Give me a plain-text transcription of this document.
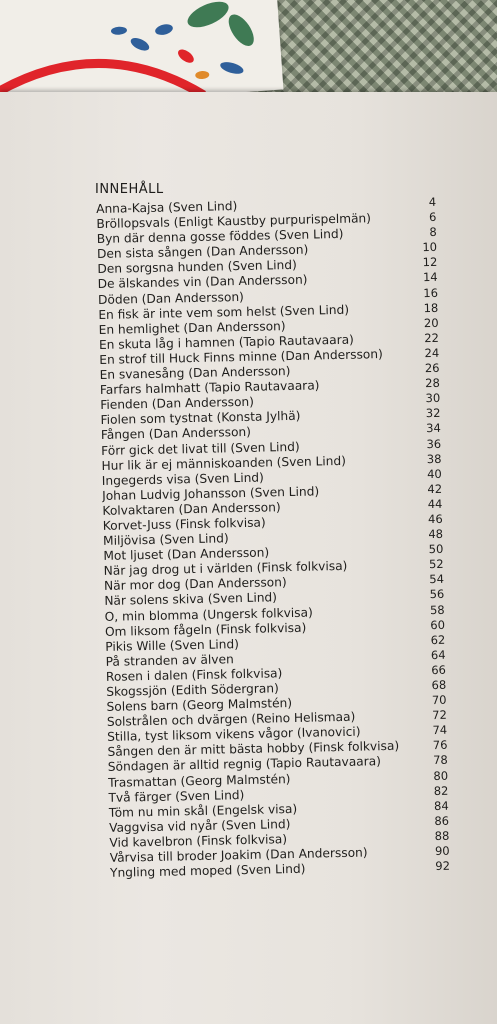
INNEHÅLL
Anna-Kajsa (Sven Lind)	4
Bröllopsvals (Enligt Kaustby purpurispelmän)	6
Byn där denna gosse föddes (Sven Lind)	8
Den sista sången (Dan Andersson)	10
Den sorgsna hunden (Sven Lind)	12
De älskandes vin (Dan Andersson)	14
Döden (Dan Andersson)	16
En fisk är inte vem som helst (Sven Lind)	18
En hemlighet (Dan Andersson)	20
En skuta låg i hamnen (Tapio Rautavaara)	22
En strof till Huck Finns minne (Dan Andersson)	24
En svanesång (Dan Andersson)	26
Farfars halmhatt (Tapio Rautavaara)	28
Fienden (Dan Andersson)	30
Fiolen som tystnat (Konsta Jylhä)	32
Fången (Dan Andersson)	34
Förr gick det livat till (Sven Lind)	36
Hur lik är ej människoanden (Sven Lind)	38
Ingegerds visa (Sven Lind)	40
Johan Ludvig Johansson (Sven Lind)	42
Kolvaktaren (Dan Andersson)	44
Korvet-Juss (Finsk folkvisa)	46
Miljövisa (Sven Lind)	48
Mot ljuset (Dan Andersson)	50
När jag drog ut i världen (Finsk folkvisa)	52
När mor dog (Dan Andersson)	54
När solens skiva (Sven Lind)	56
O, min blomma (Ungersk folkvisa)	58
Om liksom fågeln (Finsk folkvisa)	60
Pikis Wille (Sven Lind)	62
På stranden av älven	64
Rosen i dalen (Finsk folkvisa)	66
Skogssjön (Edith Södergran)	68
Solens barn (Georg Malmstén)	70
Solstrålen och dvärgen (Reino Helismaa)	72
Stilla, tyst liksom vikens vågor (Ivanovici)	74
Sången den är mitt bästa hobby (Finsk folkvisa)	76
Söndagen är alltid regnig (Tapio Rautavaara)	78
Trasmattan (Georg Malmstén)	80
Två färger (Sven Lind)	82
Töm nu min skål (Engelsk visa)	84
Vaggvisa vid nyår (Sven Lind)	86
Vid kavelbron (Finsk folkvisa)	88
Vårvisa till broder Joakim (Dan Andersson)	90
Yngling med moped (Sven Lind)	92
